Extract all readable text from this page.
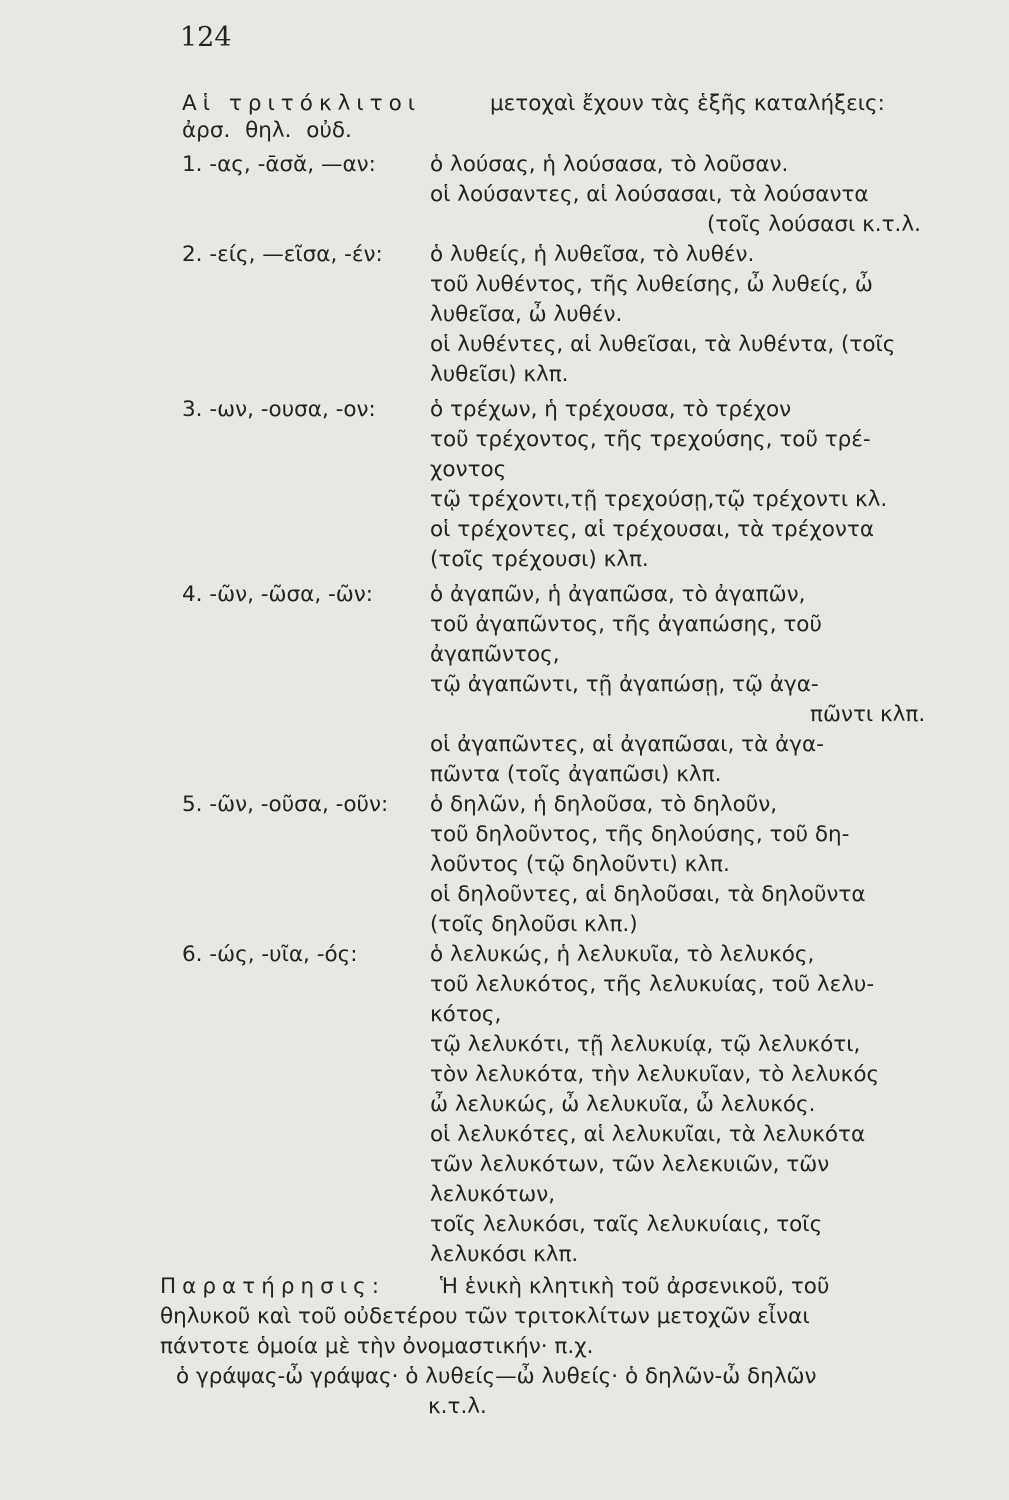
124
Αἱ τριτόκλιτοι	μετοχαὶ ἔχουν τὰς ἑξῆς καταλήξεις:
ἀρσ. θηλ. οὐδ.
1. -ας, -ᾱσᾰ, —αν:	ὁ λούσας, ἡ λούσασα, τὸ λοῦσαν.
οἱ λούσαντες, αἱ λούσασαι, τὰ λούσαντα
(τοῖς λούσασι κ.τ.λ.
2. -είς, —εῖσα, -έν: ὁ λυθείς, ἡ λυθεῖσα, τὸ λυθέν.
τοῦ λυθέντος, τῆς λυθείσης, ὦ λυθείς, ὦ
λυθεῖσα, ὦ λυθέν.
οἱ λυθέντες, αἱ λυθεῖσαι, τὰ λυθέντα, (τοῖς
λυθεῖσι) κλπ.
3. -ων, -ουσα, -ον:	ὁ τρέχων, ἡ τρέχουσα, τὸ τρέχον
τοῦ τρέχοντος, τῆς τρεχούσης, τοῦ τρέ-
χοντος
τῷ τρέχοντι,τῇ τρεχούσῃ,τῷ τρέχοντι κλ.
οἱ τρέχοντες, αἱ τρέχουσαι, τὰ τρέχοντα
(τοῖς τρέχουσι) κλπ.
4. -ῶν, -ῶσα, -ῶν:	ὁ ἀγαπῶν, ἡ ἀγαπῶσα, τὸ ἀγαπῶν,
τοῦ ἀγαπῶντος, τῆς ἀγαπώσης, τοῦ
ἀγαπῶντος,
τῷ ἀγαπῶντι, τῇ ἀγαπώσῃ, τῷ ἀγα-
πῶντι κλπ.
οἱ ἀγαπῶντες, αἱ ἀγαπῶσαι, τὰ ἀγα-
πῶντα (τοῖς ἀγαπῶσι) κλπ.
5. -ῶν, -οῦσα, -οῦν: ὁ δηλῶν, ἡ δηλοῦσα, τὸ δηλοῦν,
τοῦ δηλοῦντος, τῆς δηλούσης, τοῦ δη-
λοῦντος (τῷ δηλοῦντι) κλπ.
οἱ δηλοῦντες, αἱ δηλοῦσαι, τὰ δηλοῦντα
(τοῖς δηλοῦσι κλπ.)
6. -ώς, -υῖα, -ός:	ὁ λελυκώς, ἡ λελυκυῖα, τὸ λελυκός,
τοῦ λελυκότος, τῆς λελυκυίας, τοῦ λελυ-
κότος,
τῷ λελυκότι, τῇ λελυκυίᾳ, τῷ λελυκότι,
τὸν λελυκότα, τὴν λελυκυῖαν, τὸ λελυκός
ὦ λελυκώς, ὦ λελυκυῖα, ὦ λελυκός.
οἱ λελυκότες, αἱ λελυκυῖαι, τὰ λελυκότα
τῶν λελυκότων, τῶν λελεκυιῶν, τῶν
λελυκότων,
τοῖς λελυκόσι, ταῖς λελυκυίαις, τοῖς
λελυκόσι κλπ.
Παρατήρησις:	Ἡ ἑνικὴ κλητικὴ τοῦ ἀρσενικοῦ, τοῦ
θηλυκοῦ καὶ τοῦ οὐδετέρου τῶν τριτοκλίτων μετοχῶν εἶναι
πάντοτε ὁμοία μὲ τὴν ὀνομαστικήν· π.χ.
ὁ γράψας-ὦ γράψας· ὁ λυθείς—ὦ λυθείς· ὁ δηλῶν-ὦ δηλῶν
κ.τ.λ.
